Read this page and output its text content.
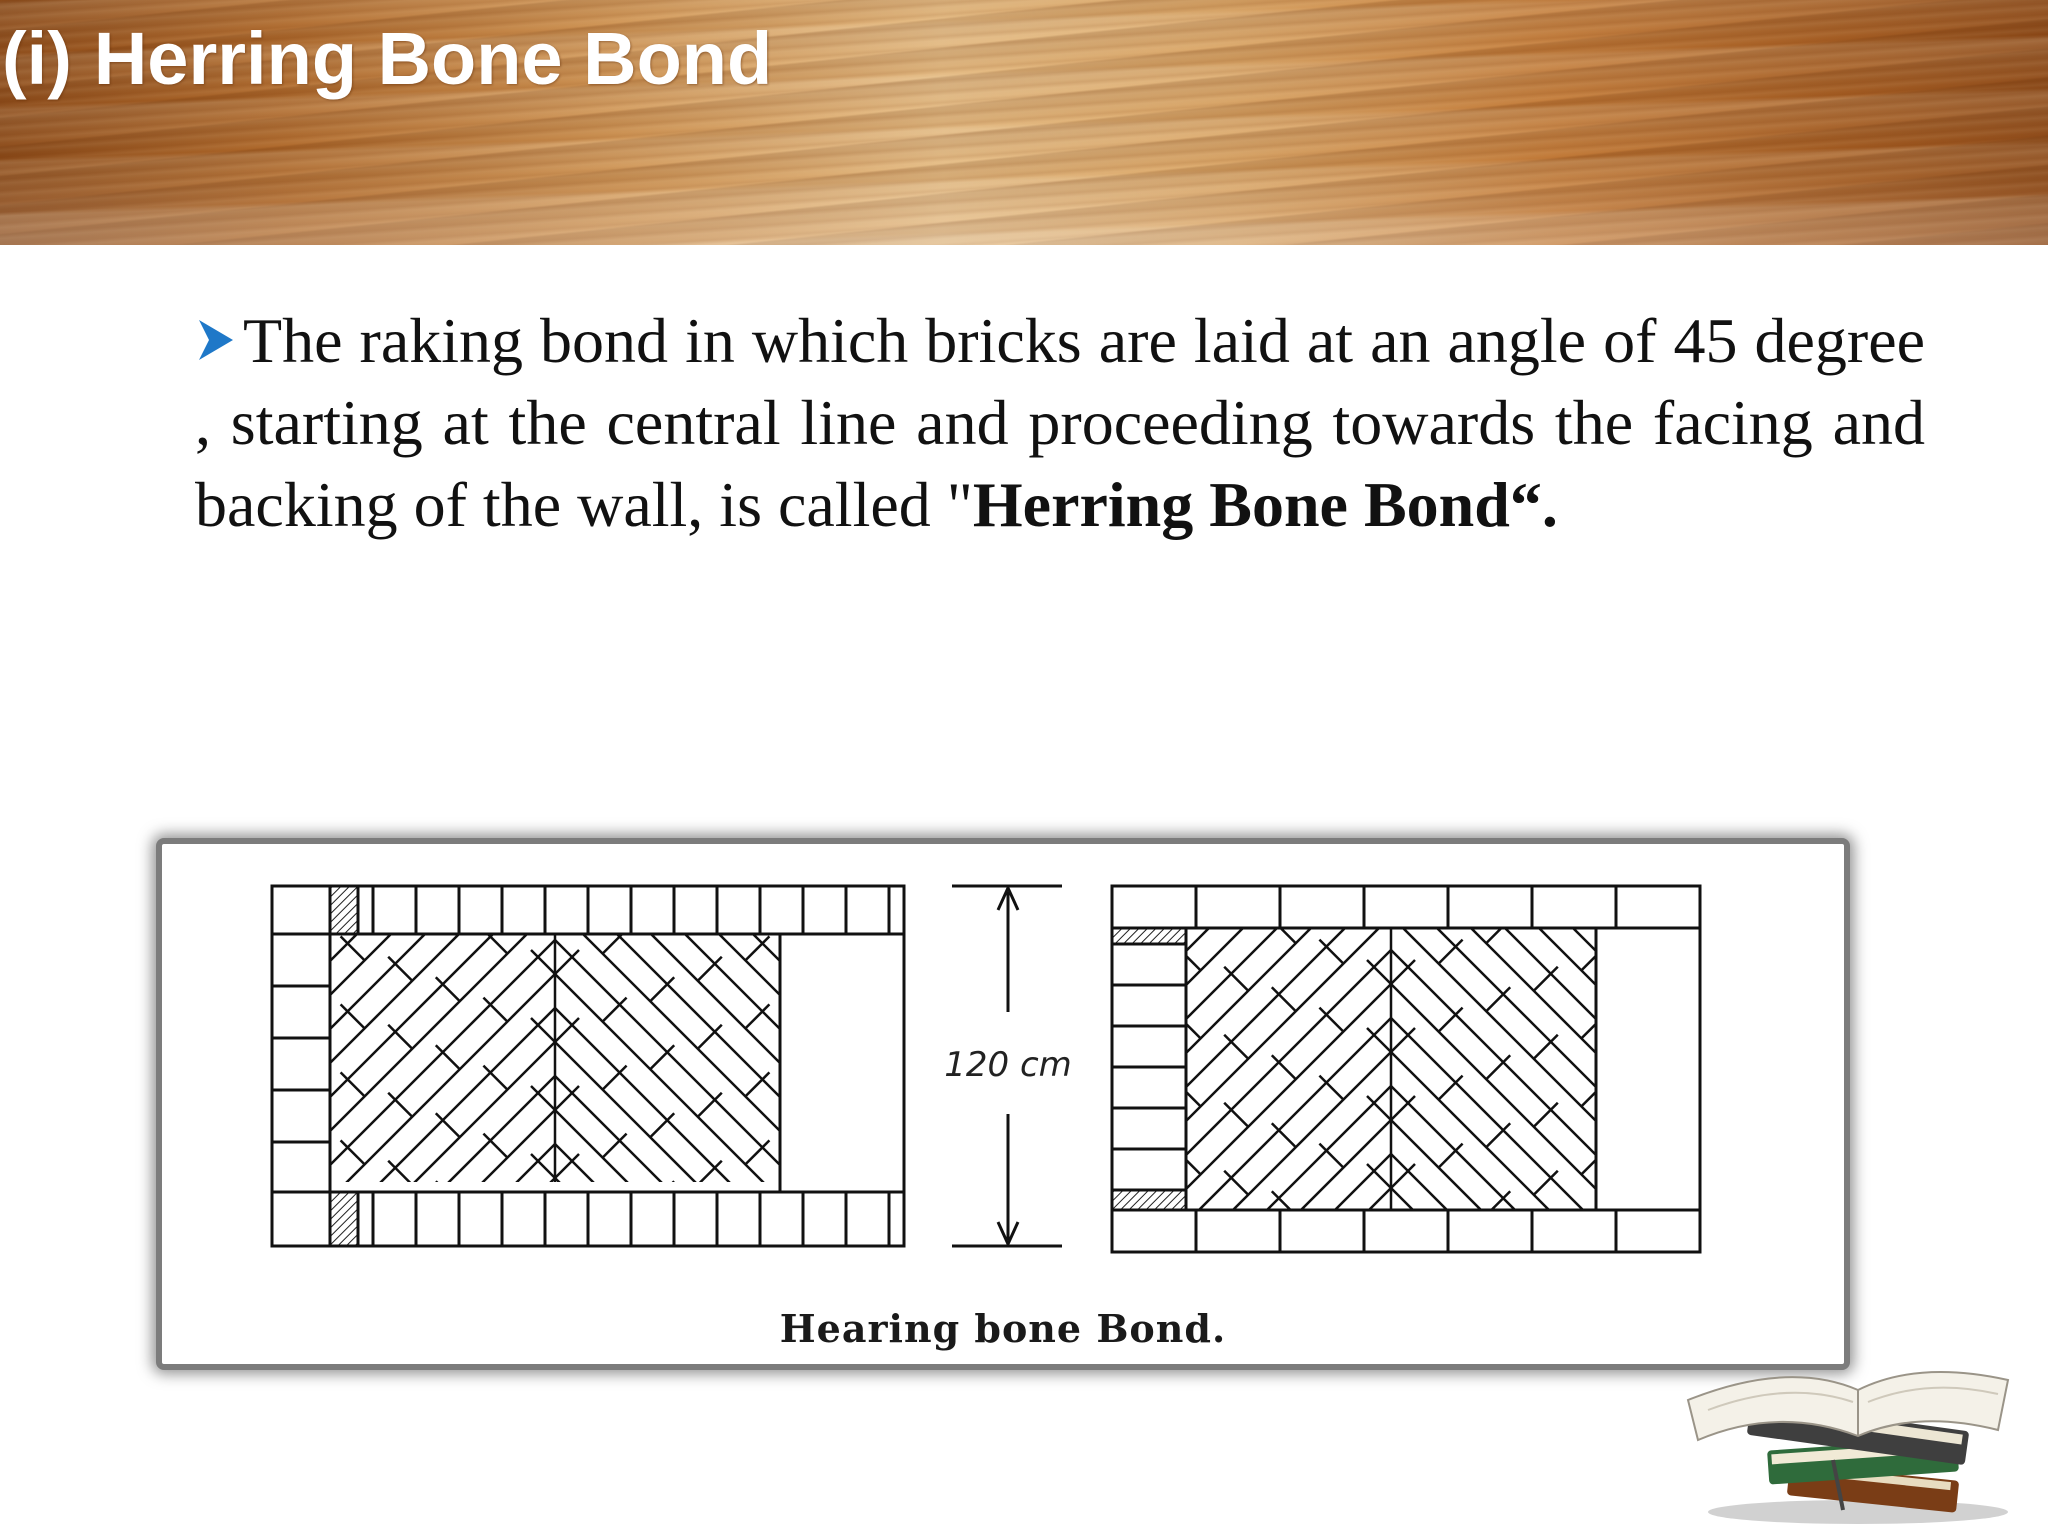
(i) Herring Bone Bond

The raking bond in which bricks are laid at an angle of 45 degree , starting at the central line and proceeding towards the facing and backing of the wall, is called "Herring Bone Bond“.

120 cm
Hearing bone Bond.
